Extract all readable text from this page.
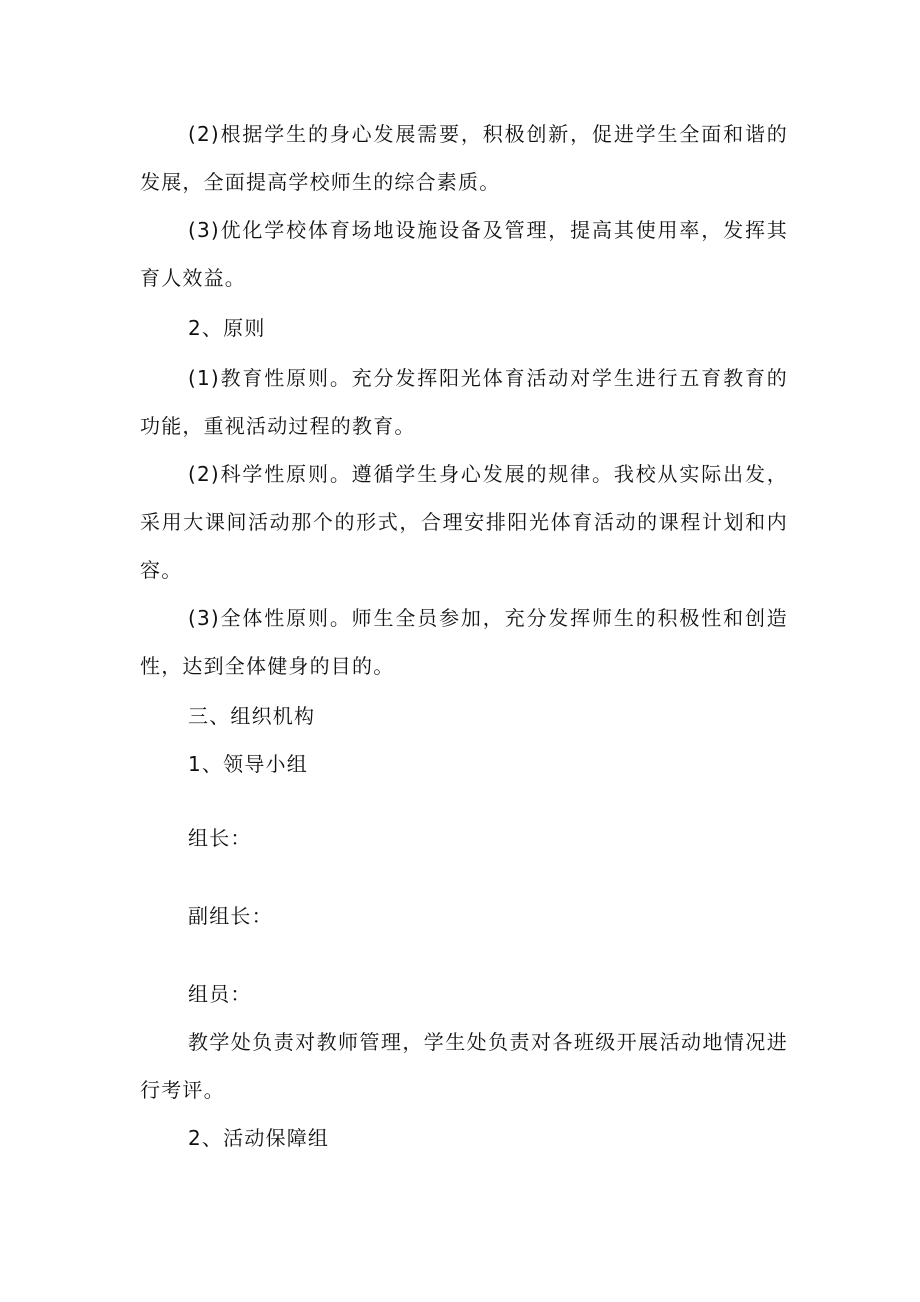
(2)根据学生的身心发展需要，积极创新，促进学生全面和谐的发展，全面提高学校师生的综合素质。

(3)优化学校体育场地设施设备及管理，提高其使用率，发挥其育人效益。

2、原则

(1)教育性原则。充分发挥阳光体育活动对学生进行五育教育的功能，重视活动过程的教育。

(2)科学性原则。遵循学生身心发展的规律。我校从实际出发，采用大课间活动那个的形式，合理安排阳光体育活动的课程计划和内容。

(3)全体性原则。师生全员参加，充分发挥师生的积极性和创造性，达到全体健身的目的。

三、组织机构

1、领导小组

组长：

副组长：

组员：

教学处负责对教师管理，学生处负责对各班级开展活动地情况进行考评。

2、活动保障组
